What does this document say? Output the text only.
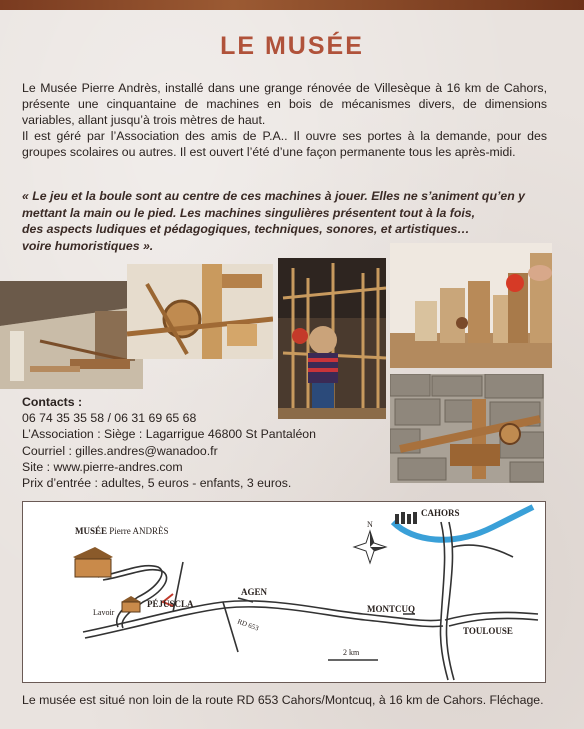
LE MUSÉE

Le Musée Pierre Andrès, installé dans une grange rénovée de Villesèque à 16 km de Cahors, présente une cinquantaine de machines en bois de mécanismes divers, de dimensions variables, allant jusqu’à trois mètres de haut.

Il est géré par l’Association des amis de P.A.. Il ouvre ses portes à la demande, pour des groupes scolaires ou autres. Il est ouvert l’été d’une façon permanente tous les après-midi.

« Le jeu et la boule sont au centre de ces machines à jouer. Elles ne s’animent qu’en y
mettant la main ou le pied. Les machines singulières présentent tout à la fois,
des aspects ludiques et pédagogiques, techniques, sonores, et artistiques…
voire humoristiques ».
Contacts :
06 74 35 35 58 / 06 31 69 65 68
L’Association : Siège : Lagarrigue 46800 St Pantaléon
Courriel : gilles.andres@wanadoo.fr
Site : www.pierre-andres.com
Prix d’entrée : adultes, 5 euros - enfants, 3 euros.
MUSÉE Pierre ANDRÈS
Lavoir
PÉJUSCLA
AGEN
RD 653
MONTCUQ
CAHORS
TOULOUSE
2 km
N
Le musée est situé non loin de la route RD 653 Cahors/Montcuq, à 16 km de Cahors. Fléchage.
